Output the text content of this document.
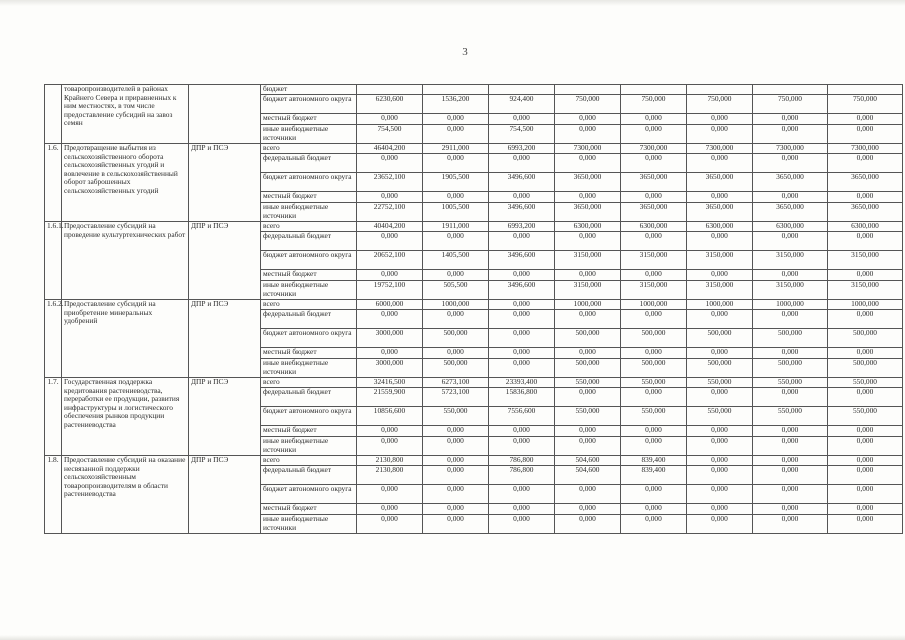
3
	товаропроизводителей в районах Крайнего Севера и приравненных к ним местностях, в том числе предоставление субсидий на завоз семян		бюджет								
			бюджет автономного округа	6230,600	1536,200	924,400	750,000	750,000	750,000	750,000	750,000
			местный бюджет	0,000	0,000	0,000	0,000	0,000	0,000	0,000	0,000
			иные внебюджетные источники	754,500	0,000	754,500	0,000	0,000	0,000	0,000	0,000
1.6.	Предотвращение выбытия из сельскохозяйственного оборота сельскохозяйственных угодий и вовлечение в сельскохозяйственный оборот заброшенных сельскохозяйственных угодий	ДПР и ПСЭ	всего	46404,200	2911,000	6993,200	7300,000	7300,000	7300,000	7300,000	7300,000
			федеральный бюджет	0,000	0,000	0,000	0,000	0,000	0,000	0,000	0,000
			бюджет автономного округа	23652,100	1905,500	3496,600	3650,000	3650,000	3650,000	3650,000	3650,000
			местный бюджет	0,000	0,000	0,000	0,000	0,000	0,000	0,000	0,000
			иные внебюджетные источники	22752,100	1005,500	3496,600	3650,000	3650,000	3650,000	3650,000	3650,000
1.6.1.	Предоставление субсидий на проведение культуртехнических работ	ДПР и ПСЭ	всего	40404,200	1911,000	6993,200	6300,000	6300,000	6300,000	6300,000	6300,000
			федеральный бюджет	0,000	0,000	0,000	0,000	0,000	0,000	0,000	0,000
			бюджет автономного округа	20652,100	1405,500	3496,600	3150,000	3150,000	3150,000	3150,000	3150,000
			местный бюджет	0,000	0,000	0,000	0,000	0,000	0,000	0,000	0,000
			иные внебюджетные источники	19752,100	505,500	3496,600	3150,000	3150,000	3150,000	3150,000	3150,000
1.6.2.	Предоставление субсидий на приобретение минеральных удобрений	ДПР и ПСЭ	всего	6000,000	1000,000	0,000	1000,000	1000,000	1000,000	1000,000	1000,000
			федеральный бюджет	0,000	0,000	0,000	0,000	0,000	0,000	0,000	0,000
			бюджет автономного округа	3000,000	500,000	0,000	500,000	500,000	500,000	500,000	500,000
			местный бюджет	0,000	0,000	0,000	0,000	0,000	0,000	0,000	0,000
			иные внебюджетные источники	3000,000	500,000	0,000	500,000	500,000	500,000	500,000	500,000
1.7.	Государственная поддержка кредитования растениеводства, переработки ее продукции, развития инфраструктуры и логистического обеспечения рынков продукции растениеводства	ДПР и ПСЭ	всего	32416,500	6273,100	23393,400	550,000	550,000	550,000	550,000	550,000
			федеральный бюджет	21559,900	5723,100	15836,800	0,000	0,000	0,000	0,000	0,000
			бюджет автономного округа	10856,600	550,000	7556,600	550,000	550,000	550,000	550,000	550,000
			местный бюджет	0,000	0,000	0,000	0,000	0,000	0,000	0,000	0,000
			иные внебюджетные источники	0,000	0,000	0,000	0,000	0,000	0,000	0,000	0,000
1.8.	Предоставление субсидий на оказание несвязанной поддержки сельскохозяйственным товаропроизводителям в области растениеводства	ДПР и ПСЭ	всего	2130,800	0,000	786,800	504,600	839,400	0,000	0,000	0,000
			федеральный бюджет	2130,800	0,000	786,800	504,600	839,400	0,000	0,000	0,000
			бюджет автономного округа	0,000	0,000	0,000	0,000	0,000	0,000	0,000	0,000
			местный бюджет	0,000	0,000	0,000	0,000	0,000	0,000	0,000	0,000
			иные внебюджетные источники	0,000	0,000	0,000	0,000	0,000	0,000	0,000	0,000
